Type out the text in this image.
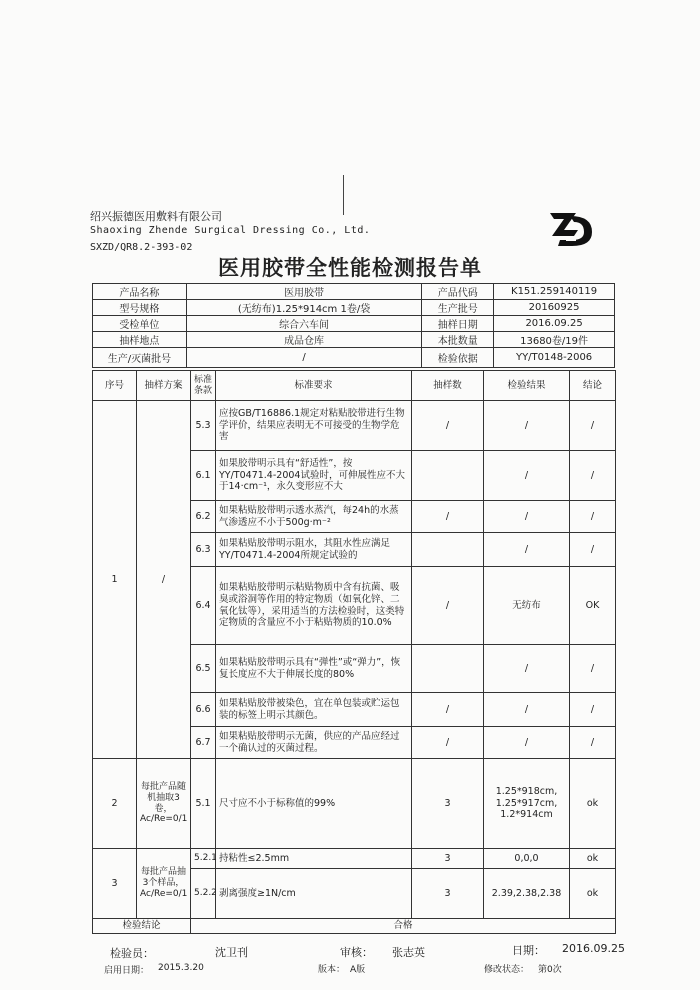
绍兴振德医用敷料有限公司
Shaoxing Zhende Surgical Dressing Co., Ltd.
SXZD/QR8.2-393-02
医用胶带全性能检测报告单
产品名称	医用胶带	产品代码	K151.259140119
型号规格	(无纺布)1.25*914cm 1卷/袋	生产批号	20160925
受检单位	综合六车间	抽样日期	2016.09.25
抽样地点	成品仓库	本批数量	13680卷/19件
生产/灭菌批号	/	检验依据	YY/T0148-2006
序号	抽样方案	标准条款	标准要求	抽样数	检验结果	结论
1	/	5.3	应按GB/T16886.1规定对粘贴胶带进行生物学评价，结果应表明无不可接受的生物学危害	/	/	/
		6.1	如果胶带明示具有“舒适性”，按YY/T0471.4-2004试验时，可伸展性应不大于14·cm⁻¹，永久变形应不大		/	/
		6.2	如果粘贴胶带明示透水蒸汽，每24h的水蒸气渗透应不小于500g·m⁻²	/	/	/
		6.3	如果粘贴胶带明示阻水，其阻水性应满足YY/T0471.4-2004所规定试验的		/	/
		6.4	如果粘贴胶带明示粘贴物质中含有抗菌、吸臭或浴洞等作用的特定物质（如氧化锌、二氧化钛等），采用适当的方法检验时，这类特定物质的含量应不小于粘贴物质的10.0%	/	无纺布	OK
		6.5	如果粘贴胶带明示具有“弹性”或“弹力”，恢复长度应不大于伸展长度的80%		/	/
		6.6	如果粘贴胶带被染色，宜在单包装或贮运包装的标签上明示其颜色。	/	/	/
		6.7	如果粘贴胶带明示无菌，供应的产品应经过一个确认过的灭菌过程。	/	/	/
2	每批产品随机抽取3卷，Ac/Re=0/1	5.1	尺寸应不小于标称值的99%	3	1.25*918cm,
1.25*917cm,
1.2*914cm	ok
3	每批产品抽3个样品，Ac/Re=0/1	5.2.1	持粘性≤2.5mm	3	0,0,0	ok
		5.2.2	剥离强度≥1N/cm	3	2.39,2.38,2.38	ok
检验结论		合格				
检验员：	沈卫刊	审核： 张志英	日期： 2016.09.25
启用日期： 2015.3.20	版本： A版	修改状态： 第0次
